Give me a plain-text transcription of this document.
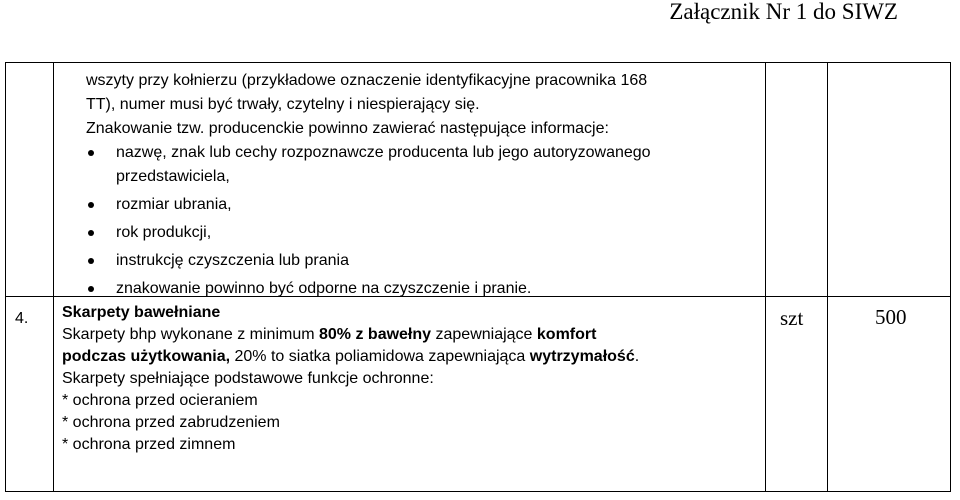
Załącznik Nr 1 do SIWZ
wszyty przy kołnierzu (przykładowe oznaczenie identyfikacyjne pracownika 168
TT), numer musi być trwały, czytelny i niespierający się.
Znakowanie tzw. producenckie powinno zawierać następujące informacje:
nazwę, znak lub cechy rozpoznawcze producenta lub jego autoryzowanego
przedstawiciela,
rozmiar ubrania,
rok produkcji,
instrukcję czyszczenia lub prania
znakowanie powinno być odporne na czyszczenie i pranie.
4. Skarpety bawełniane
Skarpety bhp wykonane z minimum 80% z bawełny zapewniające komfort
podczas użytkowania, 20% to siatka poliamidowa zapewniająca wytrzymałość.
Skarpety spełniające podstawowe funkcje ochronne:
* ochrona przed ocieraniem
* ochrona przed zabrudzeniem
* ochrona przed zimnem
szt	500
